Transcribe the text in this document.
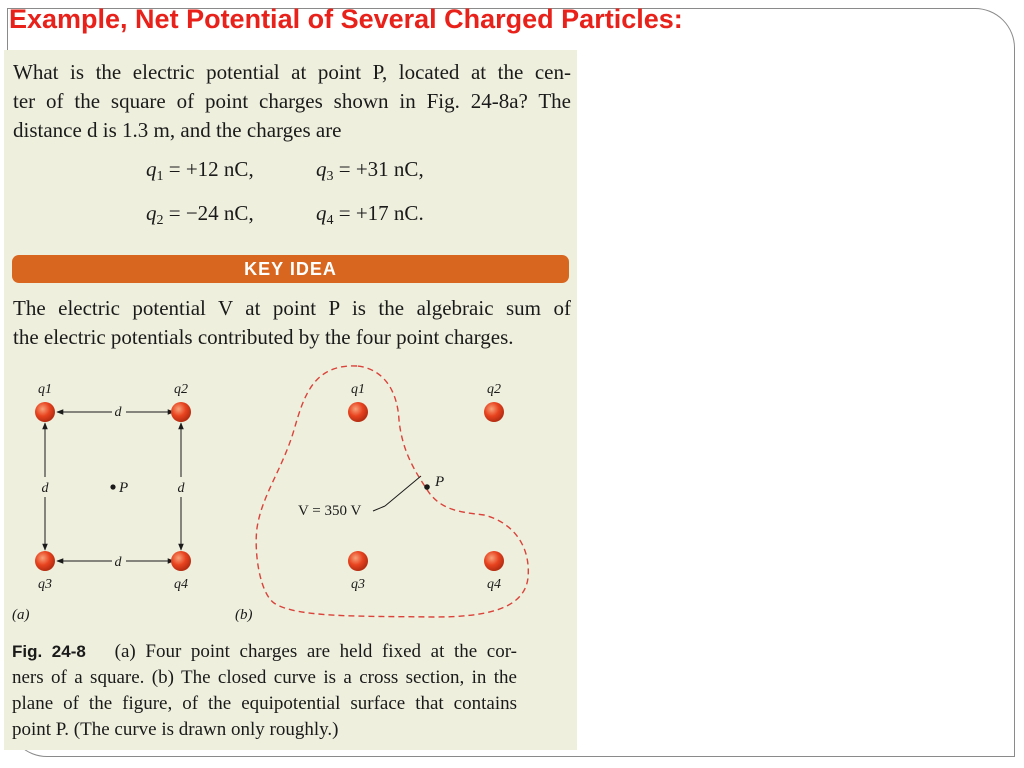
Example, Net Potential of Several Charged Particles:
What is the electric potential at point P, located at the cen-
ter of the square of point charges shown in Fig. 24-8a? The
distance d is 1.3 m, and the charges are
$q_1 = +12$ nC,	$q_3 = +31$ nC,
$q_2 = -24$ nC,	$q_4 = +17$ nC.
KEY IDEA
The electric potential V at point P is the algebraic sum of
the electric potentials contributed by the four point charges.
d
d
d	d
q1	q2
q3	q4
P
(a)
q1	q2
q3	q4
P
V = 350 V
(b)
Fig. 24-8 (a) Four point charges are held fixed at the cor-
ners of a square. (b) The closed curve is a cross section, in the
plane of the figure, of the equipotential surface that contains
point P. (The curve is drawn only roughly.)
